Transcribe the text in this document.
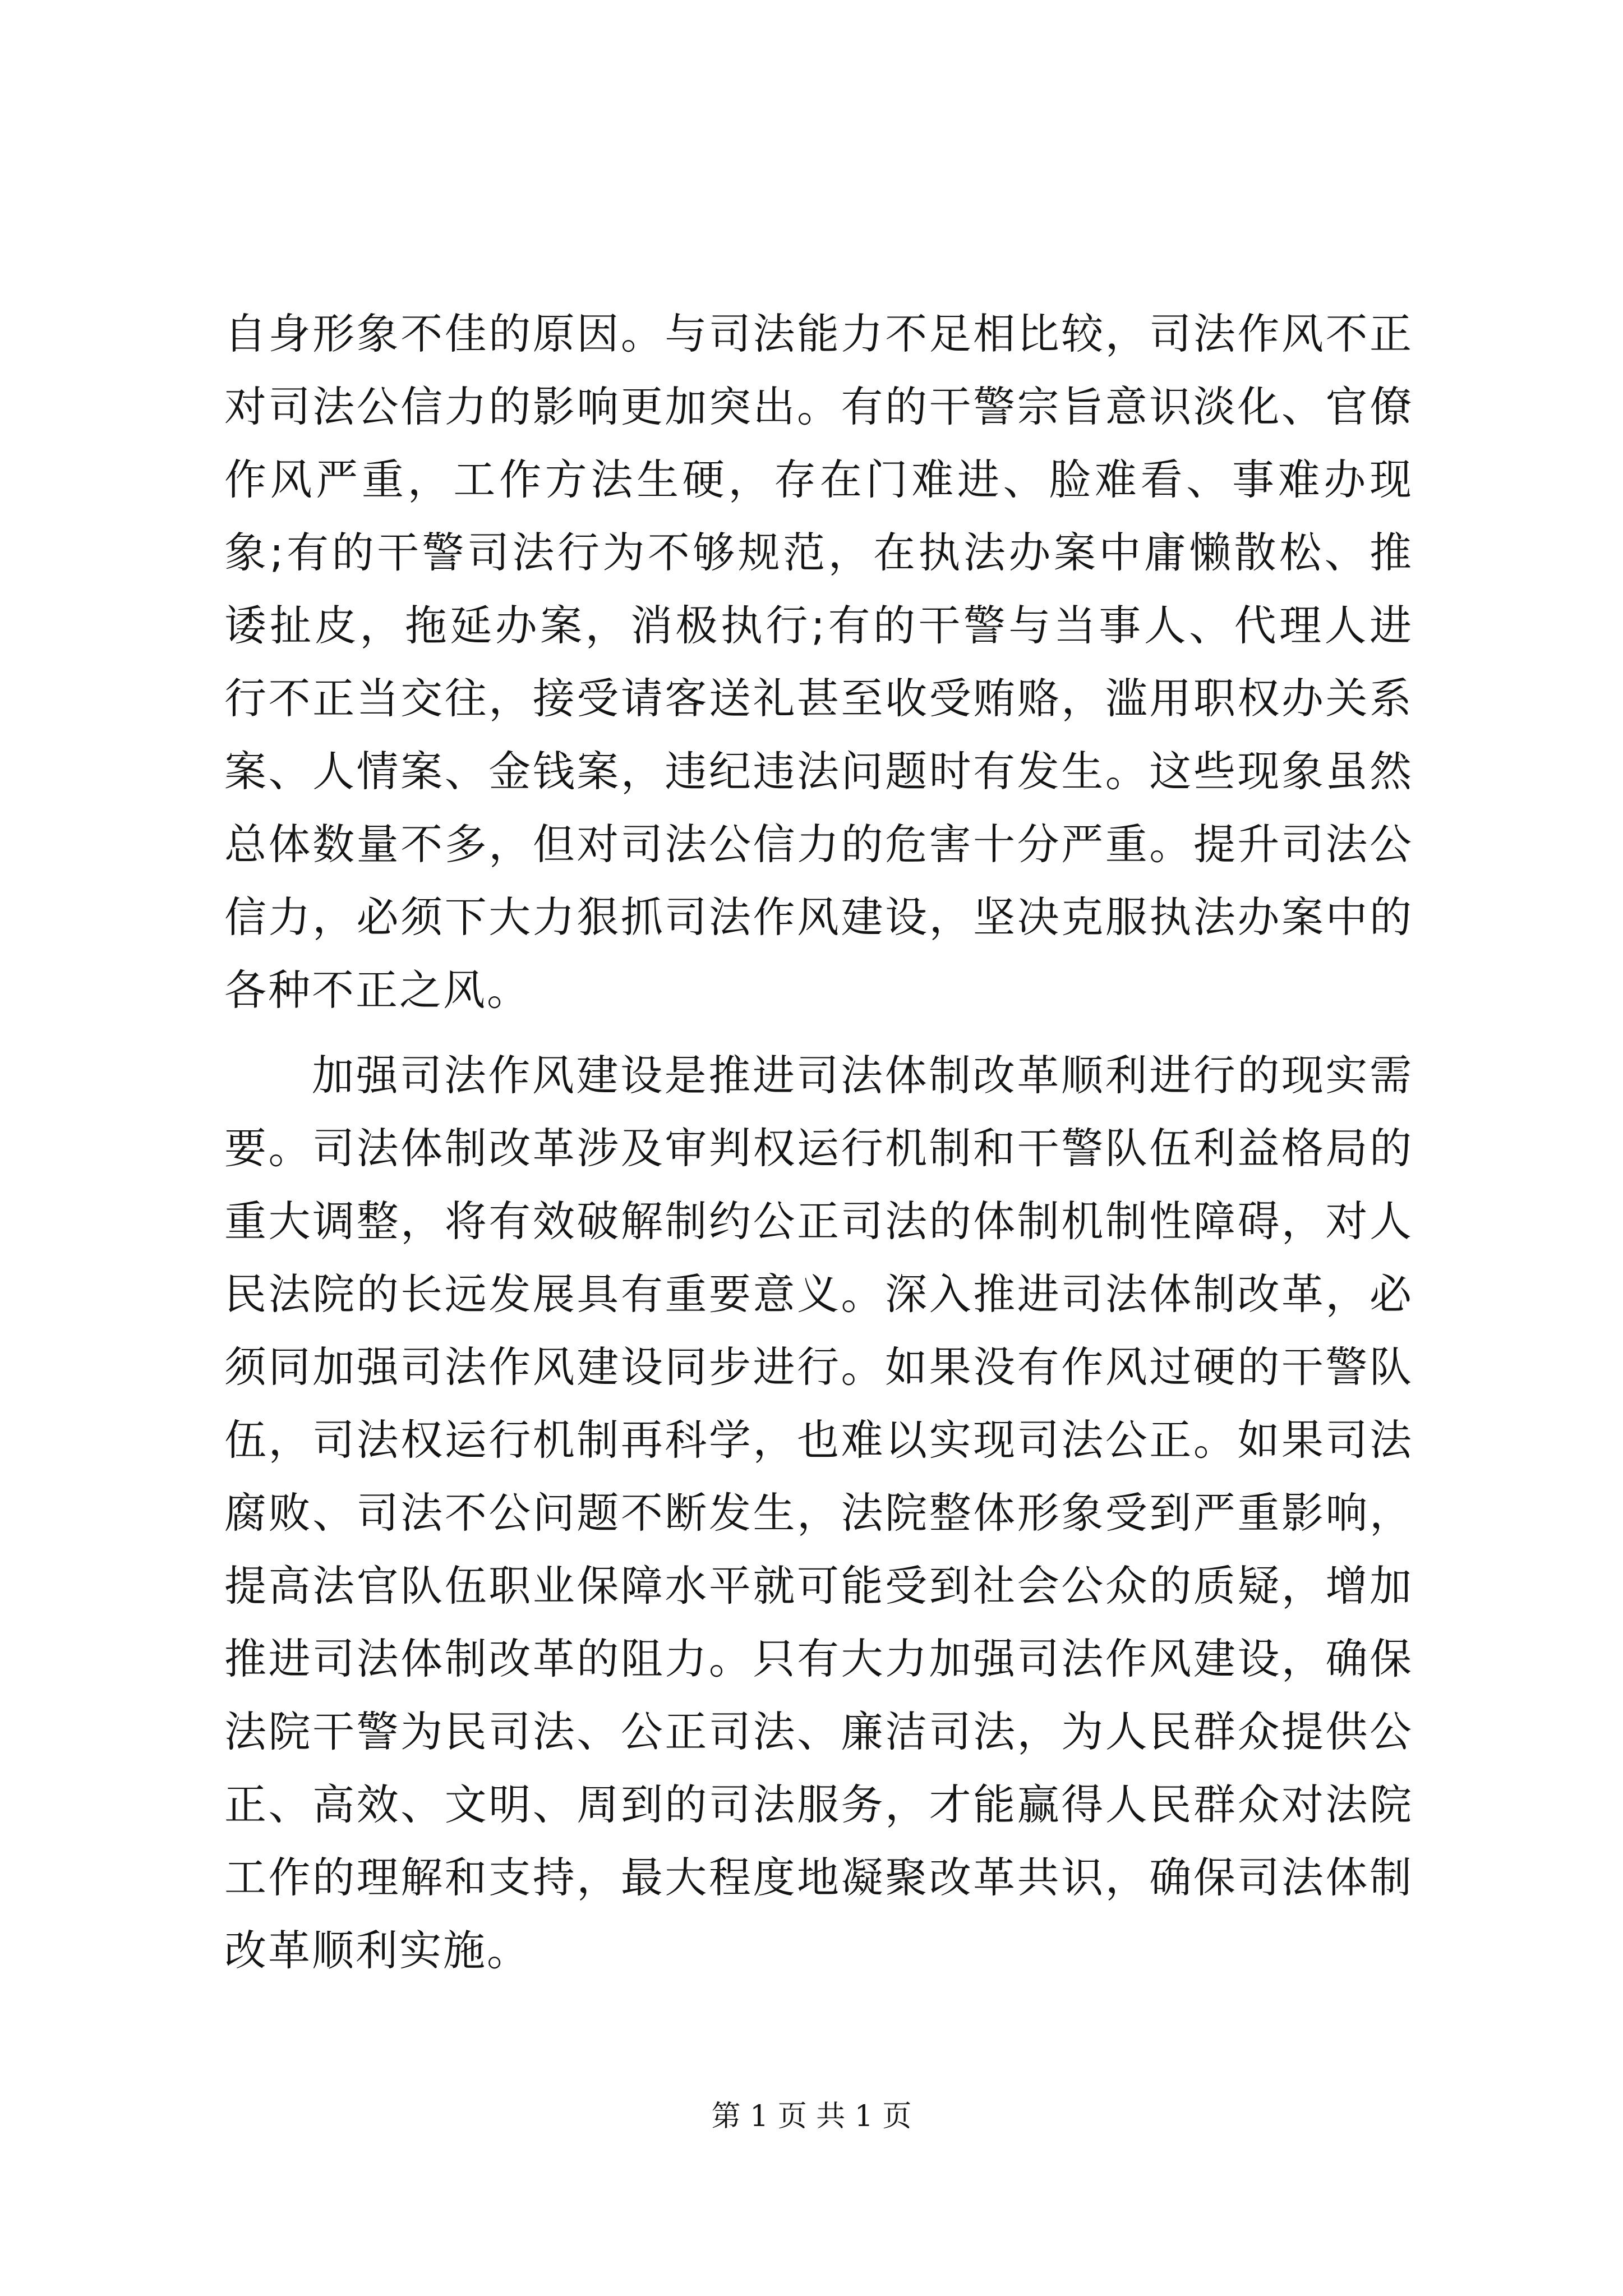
自身形象不佳的原因。与司法能力不足相比较，司法作风不正对司法公信力的影响更加突出。有的干警宗旨意识淡化、官僚作风严重，工作方法生硬，存在门难进、脸难看、事难办现象;有的干警司法行为不够规范，在执法办案中庸懒散松、推诿扯皮，拖延办案，消极执行;有的干警与当事人、代理人进行不正当交往，接受请客送礼甚至收受贿赂，滥用职权办关系案、人情案、金钱案，违纪违法问题时有发生。这些现象虽然总体数量不多，但对司法公信力的危害十分严重。提升司法公信力，必须下大力狠抓司法作风建设，坚决克服执法办案中的各种不正之风。

加强司法作风建设是推进司法体制改革顺利进行的现实需要。司法体制改革涉及审判权运行机制和干警队伍利益格局的重大调整，将有效破解制约公正司法的体制机制性障碍，对人民法院的长远发展具有重要意义。深入推进司法体制改革，必须同加强司法作风建设同步进行。如果没有作风过硬的干警队伍，司法权运行机制再科学，也难以实现司法公正。如果司法腐败、司法不公问题不断发生，法院整体形象受到严重影响，提高法官队伍职业保障水平就可能受到社会公众的质疑，增加推进司法体制改革的阻力。只有大力加强司法作风建设，确保法院干警为民司法、公正司法、廉洁司法，为人民群众提供公正、高效、文明、周到的司法服务，才能赢得人民群众对法院工作的理解和支持，最大程度地凝聚改革共识，确保司法体制改革顺利实施。

第 1 页 共 1 页
